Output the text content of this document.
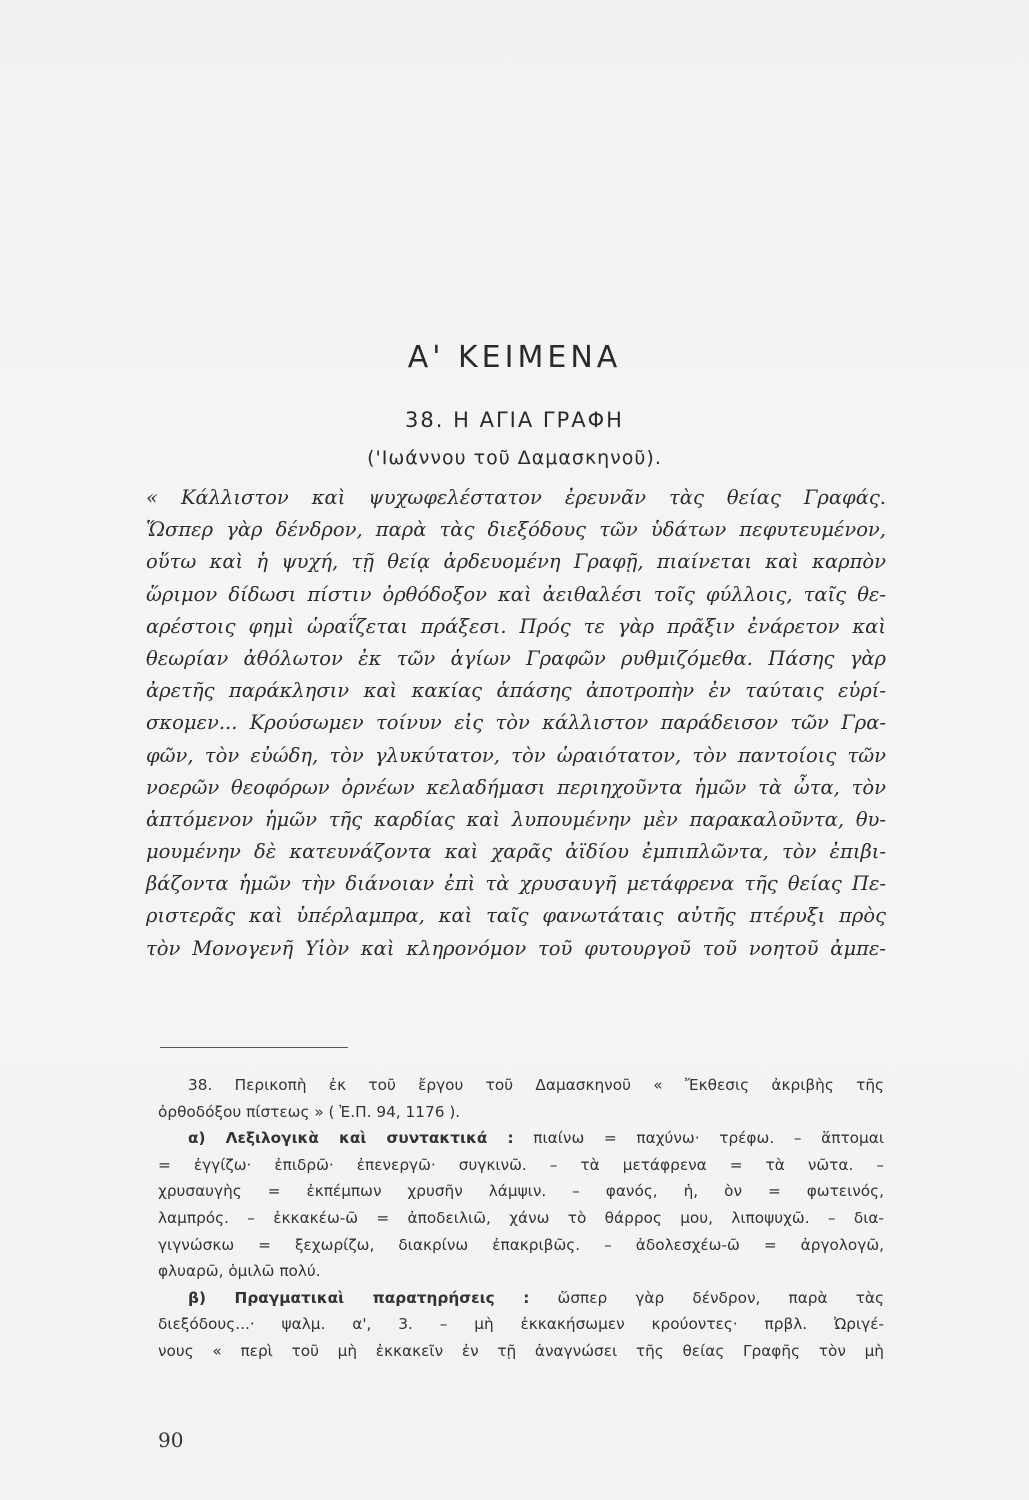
Α' ΚΕΙΜΕΝΑ
38. Η ΑΓΙΑ ΓΡΑΦΗ
('Ιωάννου τοῦ Δαμασκηνοῦ).
« Κάλλιστον καὶ ψυχωφελέστατον ἐρευνᾶν τὰς θείας Γραφάς.
Ὥσπερ γὰρ δένδρον, παρὰ τὰς διεξόδους τῶν ὑδάτων πεφυτευμένον,
οὕτω καὶ ἡ ψυχή, τῇ θείᾳ ἀρδευομένη Γραφῇ, πιαίνεται καὶ καρπὸν
ὥριμον δίδωσι πίστιν ὀρθόδοξον καὶ ἀειθαλέσι τοῖς φύλλοις, ταῖς θε-
αρέστοις φημὶ ὡραΐζεται πράξεσι. Πρός τε γὰρ πρᾶξιν ἐνάρετον καὶ
θεωρίαν ἀθόλωτον ἐκ τῶν ἁγίων Γραφῶν ρυθμιζόμεθα. Πάσης γὰρ
ἀρετῆς παράκλησιν καὶ κακίας ἁπάσης ἀποτροπὴν ἐν ταύταις εὑρί-
σκομεν... Κρούσωμεν τοίνυν εἰς τὸν κάλλιστον παράδεισον τῶν Γρα-
φῶν, τὸν εὐώδη, τὸν γλυκύτατον, τὸν ὡραιότατον, τὸν παντοίοις τῶν
νοερῶν θεοφόρων ὀρνέων κελαδήμασι περιηχοῦντα ἡμῶν τὰ ὦτα, τὸν
ἁπτόμενον ἡμῶν τῆς καρδίας καὶ λυπουμένην μὲν παρακαλοῦντα, θυ-
μουμένην δὲ κατευνάζοντα καὶ χαρᾶς ἀϊδίου ἐμπιπλῶντα, τὸν ἐπιβι-
βάζοντα ἡμῶν τὴν διάνοιαν ἐπὶ τὰ χρυσαυγῆ μετάφρενα τῆς θείας Πε-
ριστερᾶς καὶ ὑπέρλαμπρα, καὶ ταῖς φανωτάταις αὐτῆς πτέρυξι πρὸς
τὸν Μονογενῆ Υἱὸν καὶ κληρονόμον τοῦ φυτουργοῦ τοῦ νοητοῦ ἀμπε-
38. Περικοπὴ ἐκ τοῦ ἔργου τοῦ Δαμασκηνοῦ « Ἔκθεσις ἀκριβὴς τῆς
ὀρθοδόξου πίστεως » ( Ἐ.Π. 94, 1176 ).
α) Λεξιλογικὰ καὶ συντακτικά : πιαίνω = παχύνω· τρέφω. – ἅπτομαι
= ἐγγίζω· ἐπιδρῶ· ἐπενεργῶ· συγκινῶ. – τὰ μετάφρενα = τὰ νῶτα. –
χρυσαυγὴς = ἐκπέμπων χρυσῆν λάμψιν. – φανός, ἡ, ὸν = φωτεινός,
λαμπρός. – ἐκκακέω-ῶ = ἀποδειλιῶ, χάνω τὸ θάρρος μου, λιποψυχῶ. – δια-
γιγνώσκω = ξεχωρίζω, διακρίνω ἐπακριβῶς. – ἀδολεσχέω-ῶ = ἀργολογῶ,
φλυαρῶ, ὁμιλῶ πολύ.
β) Πραγματικαὶ παρατηρήσεις : ὥσπερ γὰρ δένδρον, παρὰ τὰς
διεξόδους...· ψαλμ. α', 3. – μὴ ἐκκακήσωμεν κρούοντες· πρβλ. Ὠριγέ-
νους « περὶ τοῦ μὴ ἐκκακεῖν ἐν τῇ ἀναγνώσει τῆς θείας Γραφῆς τὸν μὴ
90
